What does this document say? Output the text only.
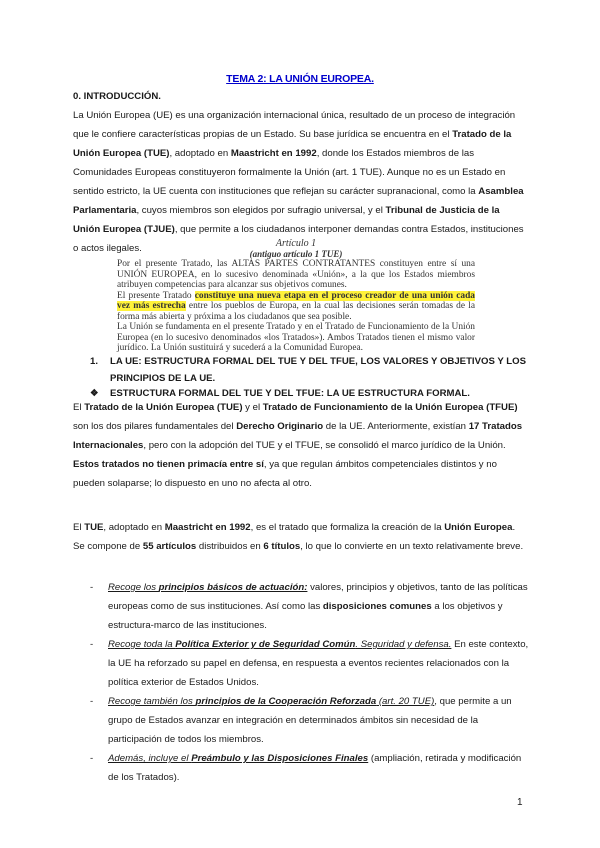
TEMA 2: LA UNIÓN EUROPEA.
0. INTRODUCCIÓN.
La Unión Europea (UE) es una organización internacional única, resultado de un proceso de integración que le confiere características propias de un Estado. Su base jurídica se encuentra en el Tratado de la Unión Europea (TUE), adoptado en Maastricht en 1992, donde los Estados miembros de las Comunidades Europeas constituyeron formalmente la Unión (art. 1 TUE). Aunque no es un Estado en sentido estricto, la UE cuenta con instituciones que reflejan su carácter supranacional, como la Asamblea Parlamentaria, cuyos miembros son elegidos por sufragio universal, y el Tribunal de Justicia de la Unión Europea (TJUE), que permite a los ciudadanos interponer demandas contra Estados, instituciones o actos ilegales.	Artículo 1
(antiguo artículo 1 TUE)

Por el presente Tratado, las ALTAS PARTES CONTRATANTES constituyen entre sí una UNIÓN EUROPEA, en lo sucesivo denominada «Unión», a la que los Estados miembros atribuyen competencias para alcanzar sus objetivos comunes.

El presente Tratado constituye una nueva etapa en el proceso creador de una unión cada vez más estrecha entre los pueblos de Europa, en la cual las decisiones serán tomadas de la forma más abierta y próxima a los ciudadanos que sea posible.

La Unión se fundamenta en el presente Tratado y en el Tratado de Funcionamiento de la Unión Europea (en lo sucesivo denominados «los Tratados»). Ambos Tratados tienen el mismo valor jurídico. La Unión sustituirá y sucederá a la Comunidad Europea.

1. LA UE: ESTRUCTURA FORMAL DEL TUE Y DEL TFUE, LOS VALORES Y OBJETIVOS Y LOS PRINCIPIOS DE LA UE.
❖ ESTRUCTURA FORMAL DEL TUE Y DEL TFUE: LA UE ESTRUCTURA FORMAL.
El Tratado de la Unión Europea (TUE) y el Tratado de Funcionamiento de la Unión Europea (TFUE) son los dos pilares fundamentales del Derecho Originario de la UE. Anteriormente, existían 17 Tratados Internacionales, pero con la adopción del TUE y el TFUE, se consolidó el marco jurídico de la Unión. Estos tratados no tienen primacía entre sí, ya que regulan ámbitos competenciales distintos y no pueden solaparse; lo dispuesto en uno no afecta al otro.
El TUE, adoptado en Maastricht en 1992, es el tratado que formaliza la creación de la Unión Europea. Se compone de 55 artículos distribuidos en 6 títulos, lo que lo convierte en un texto relativamente breve.
- Recoge los principios básicos de actuación: valores, principios y objetivos, tanto de las políticas europeas como de sus instituciones. Así como las disposiciones comunes a los objetivos y estructura-marco de las instituciones.
- Recoge toda la Política Exterior y de Seguridad Común. Seguridad y defensa. En este contexto, la UE ha reforzado su papel en defensa, en respuesta a eventos recientes relacionados con la política exterior de Estados Unidos.
- Recoge también los principios de la Cooperación Reforzada (art. 20 TUE), que permite a un grupo de Estados avanzar en integración en determinados ámbitos sin necesidad de la participación de todos los miembros.
- Además, incluye el Preámbulo y las Disposiciones Finales (ampliación, retirada y modificación de los Tratados).
1
